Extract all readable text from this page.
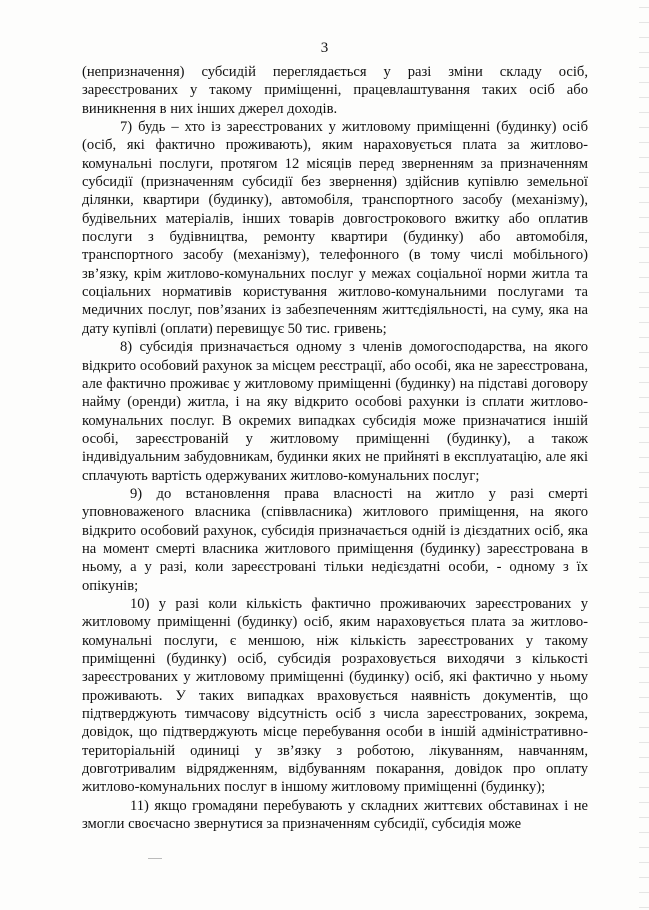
3

(непризначення) субсидій переглядається у разі зміни складу осіб, зареєстрованих у такому приміщенні, працевлаштування таких осіб або виникнення в них інших джерел доходів.

7) будь – хто із зареєстрованих у житловому приміщенні (будинку) осіб (осіб, які фактично проживають), яким нараховується плата за житлово-комунальні послуги, протягом 12 місяців перед зверненням за призначенням субсидії (призначенням субсидії без звернення) здійснив купівлю земельної ділянки, квартири (будинку), автомобіля, транспортного засобу (механізму), будівельних матеріалів, інших товарів довгострокового вжитку або оплатив послуги з будівництва, ремонту квартири (будинку) або автомобіля, транспортного засобу (механізму), телефонного (в тому числі мобільного) зв’язку, крім житлово-комунальних послуг у межах соціальної норми житла та соціальних нормативів користування житлово-комунальними послугами та медичних послуг, пов’язаних із забезпеченням життєдіяльності, на суму, яка на дату купівлі (оплати) перевищує 50 тис. гривень;

8) субсидія призначається одному з членів домогосподарства, на якого відкрито особовий рахунок за місцем реєстрації, або особі, яка не зареєстрована, але фактично проживає у житловому приміщенні (будинку) на підставі договору найму (оренди) житла, і на яку відкрито особові рахунки із сплати житлово-комунальних послуг. В окремих випадках субсидія може призначатися іншій особі, зареєстрованій у житловому приміщенні (будинку), а також індивідуальним забудовникам, будинки яких не прийняті в експлуатацію, але які сплачують вартість одержуваних житлово-комунальних послуг;

9) до встановлення права власності на житло у разі смерті уповноваженого власника (співвласника) житлового приміщення, на якого відкрито особовий рахунок, субсидія призначається одній із дієздатних осіб, яка на момент смерті власника житлового приміщення (будинку) зареєстрована в ньому, а у разі, коли зареєстровані тільки недієздатні особи, - одному з їх опікунів;

10) у разі коли кількість фактично проживаючих зареєстрованих у житловому приміщенні (будинку) осіб, яким нараховується плата за житлово-комунальні послуги, є меншою, ніж кількість зареєстрованих у такому приміщенні (будинку) осіб, субсидія розраховується виходячи з кількості зареєстрованих у житловому приміщенні (будинку) осіб, які фактично у ньому проживають. У таких випадках враховується наявність документів, що підтверджують тимчасову відсутність осіб з числа зареєстрованих, зокрема, довідок, що підтверджують місце перебування особи в іншій адміністративно-територіальній одиниці у зв’язку з роботою, лікуванням, навчанням, довготривалим відрядженням, відбуванням покарання, довідок про оплату житлово-комунальних послуг в іншому житловому приміщенні (будинку);

11) якщо громадяни перебувають у складних життєвих обставинах і не змогли своєчасно звернутися за призначенням субсидії, субсидія може
